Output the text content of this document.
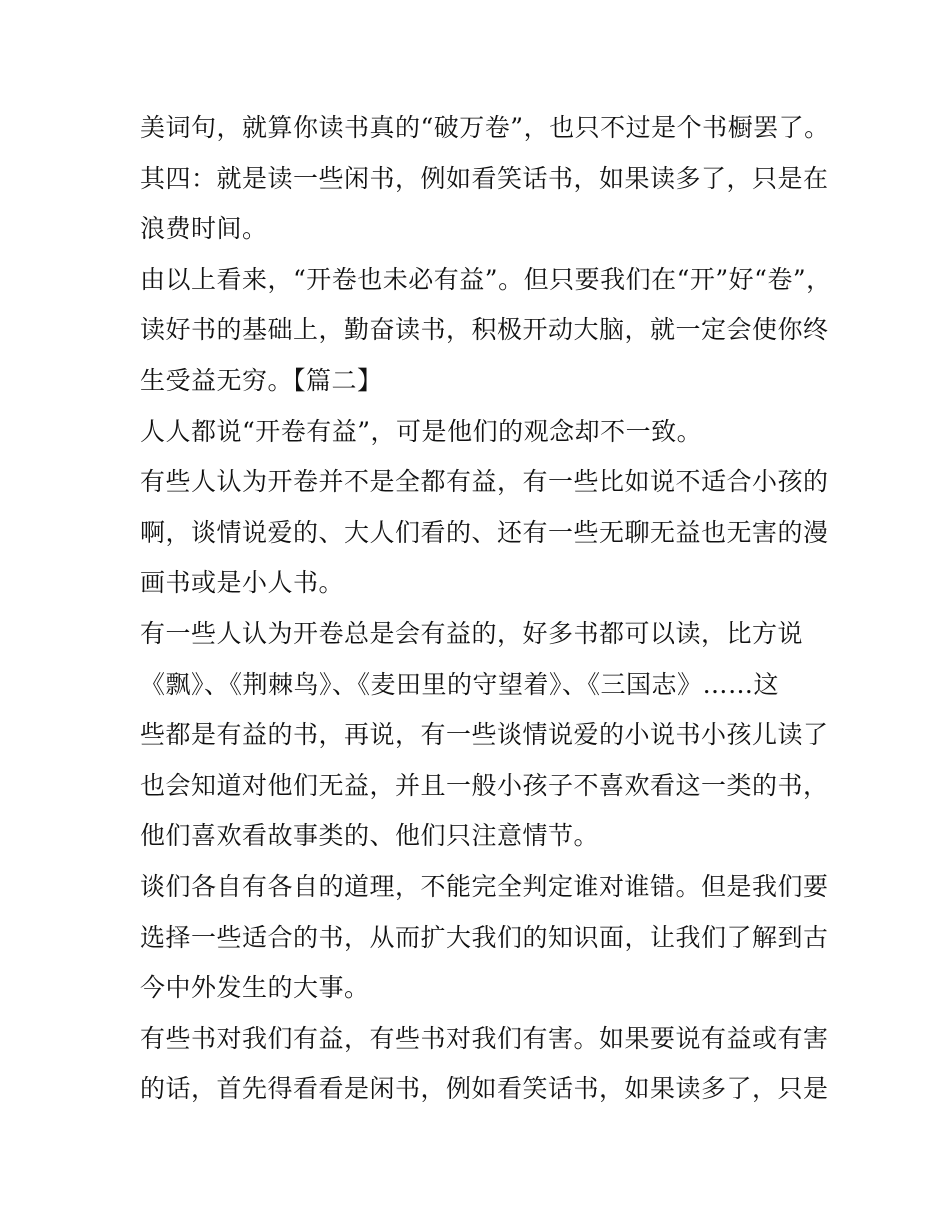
美词句，就算你读书真的“破万卷”，也只不过是个书橱罢了。
其四：就是读一些闲书，例如看笑话书，如果读多了，只是在
浪费时间。
由以上看来，“开卷也未必有益”。但只要我们在“开”好“卷”，
读好书的基础上，勤奋读书，积极开动大脑，就一定会使你终
生受益无穷。【篇二】
人人都说“开卷有益”，可是他们的观念却不一致。
有些人认为开卷并不是全都有益，有一些比如说不适合小孩的
啊，谈情说爱的、大人们看的、还有一些无聊无益也无害的漫
画书或是小人书。
有一些人认为开卷总是会有益的，好多书都可以读，比方说
《飘》、《荆棘鸟》、《麦田里的守望着》、《三国志》……这
些都是有益的书，再说，有一些谈情说爱的小说书小孩儿读了
也会知道对他们无益，并且一般小孩子不喜欢看这一类的书，
他们喜欢看故事类的、他们只注意情节。
谈们各自有各自的道理，不能完全判定谁对谁错。但是我们要
选择一些适合的书，从而扩大我们的知识面，让我们了解到古
今中外发生的大事。
有些书对我们有益，有些书对我们有害。如果要说有益或有害
的话，首先得看看是闲书，例如看笑话书，如果读多了，只是
